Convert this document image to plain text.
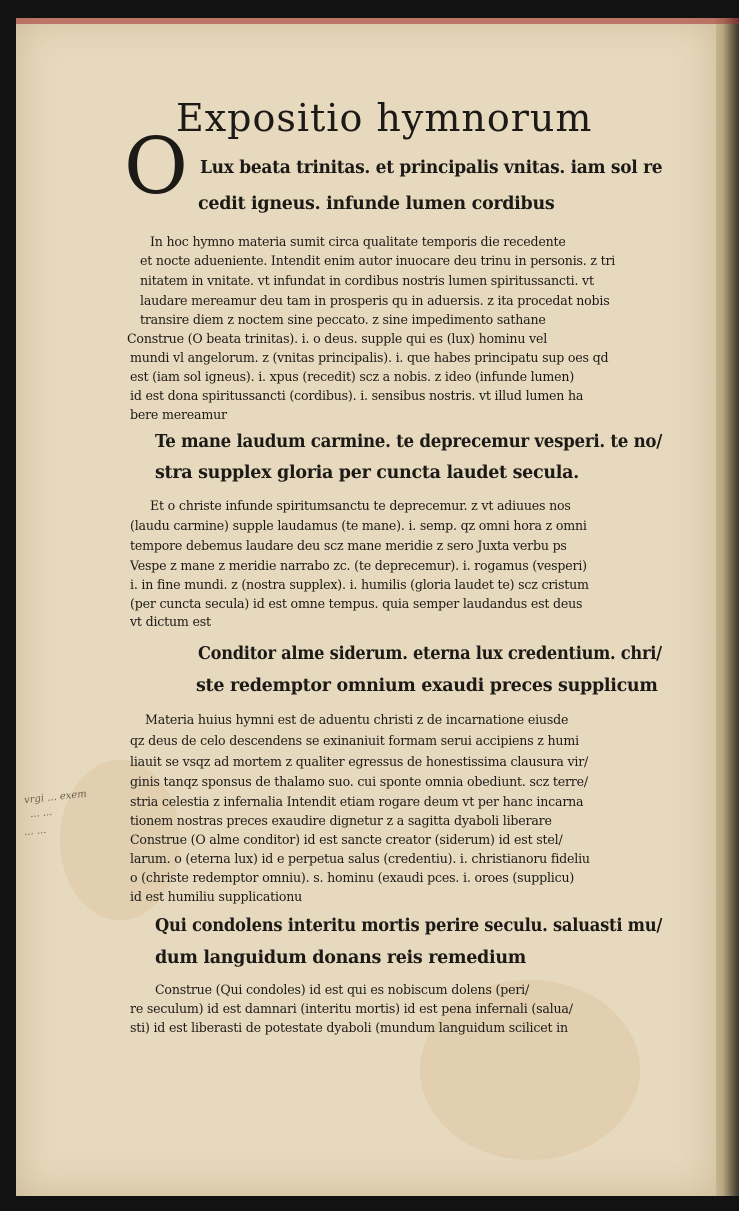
Expositio hymnorum
O Lux beata trinitas. et principalis vnitas. iam sol re
cedit igneus. infunde lumen cordibus
In hoc hymno materia sumit circa qualitate temporis die recedente
et nocte adueniente. Intendit enim autor inuocare deu trinu in personis. z tri
nitatem in vnitate. vt infundat in cordibus nostris lumen spiritussancti. vt
laudare mereamur deu tam in prosperis qu in aduersis. z ita procedat nobis
transire diem z noctem sine peccato. z sine impedimento sathane
Construe (O beata trinitas). i. o deus. supple qui es (lux) hominu vel
mundi vl angelorum. z (vnitas principalis). i. que habes principatu sup oes qd
est (iam sol igneus). i. xpus (recedit) scz a nobis. z ideo (infunde lumen)
id est dona spiritussancti (cordibus). i. sensibus nostris. vt illud lumen ha
bere mereamur
Te mane laudum carmine. te deprecemur vesperi. te no/
stra supplex gloria per cuncta laudet secula.
Et o christe infunde spiritumsanctu te deprecemur. z vt adiuues nos
(laudu carmine) supple laudamus (te mane). i. semp. qz omni hora z omni
tempore debemus laudare deu scz mane meridie z sero Juxta verbu ps
Vespe z mane z meridie narrabo zc. (te deprecemur). i. rogamus (vesperi)
i. in fine mundi. z (nostra supplex). i. humilis (gloria laudet te) scz cristum
(per cuncta secula) id est omne tempus. quia semper laudandus est deus
vt dictum est
Conditor alme siderum. eterna lux credentium. chri/
ste redemptor omnium exaudi preces supplicum
Materia huius hymni est de aduentu christi z de incarnatione eiusde
qz deus de celo descendens se exinaniuit formam serui accipiens z humi
liauit se vsqz ad mortem z qualiter egressus de honestissima clausura vir/
ginis tanqz sponsus de thalamo suo. cui sponte omnia obediunt. scz terre/
stria celestia z infernalia Intendit etiam rogare deum vt per hanc incarna
tionem nostras preces exaudire dignetur z a sagitta dyaboli liberare
Construe (O alme conditor) id est sancte creator (siderum) id est stel/
larum. o (eterna lux) id e perpetua salus (credentiu). i. christianoru fideliu
o (christe redemptor omniu). s. hominu (exaudi pces. i. oroes (supplicu)
id est humiliu supplicationu
Qui condolens interitu mortis perire seculu. saluasti mu/
dum languidum donans reis remedium
Construe (Qui condoles) id est qui es nobiscum dolens (peri/
re seculum) id est damnari (interitu mortis) id est pena infernali (salua/
sti) id est liberasti de potestate dyaboli (mundum languidum scilicet in
vrgi ... exem
... ...
... ...
